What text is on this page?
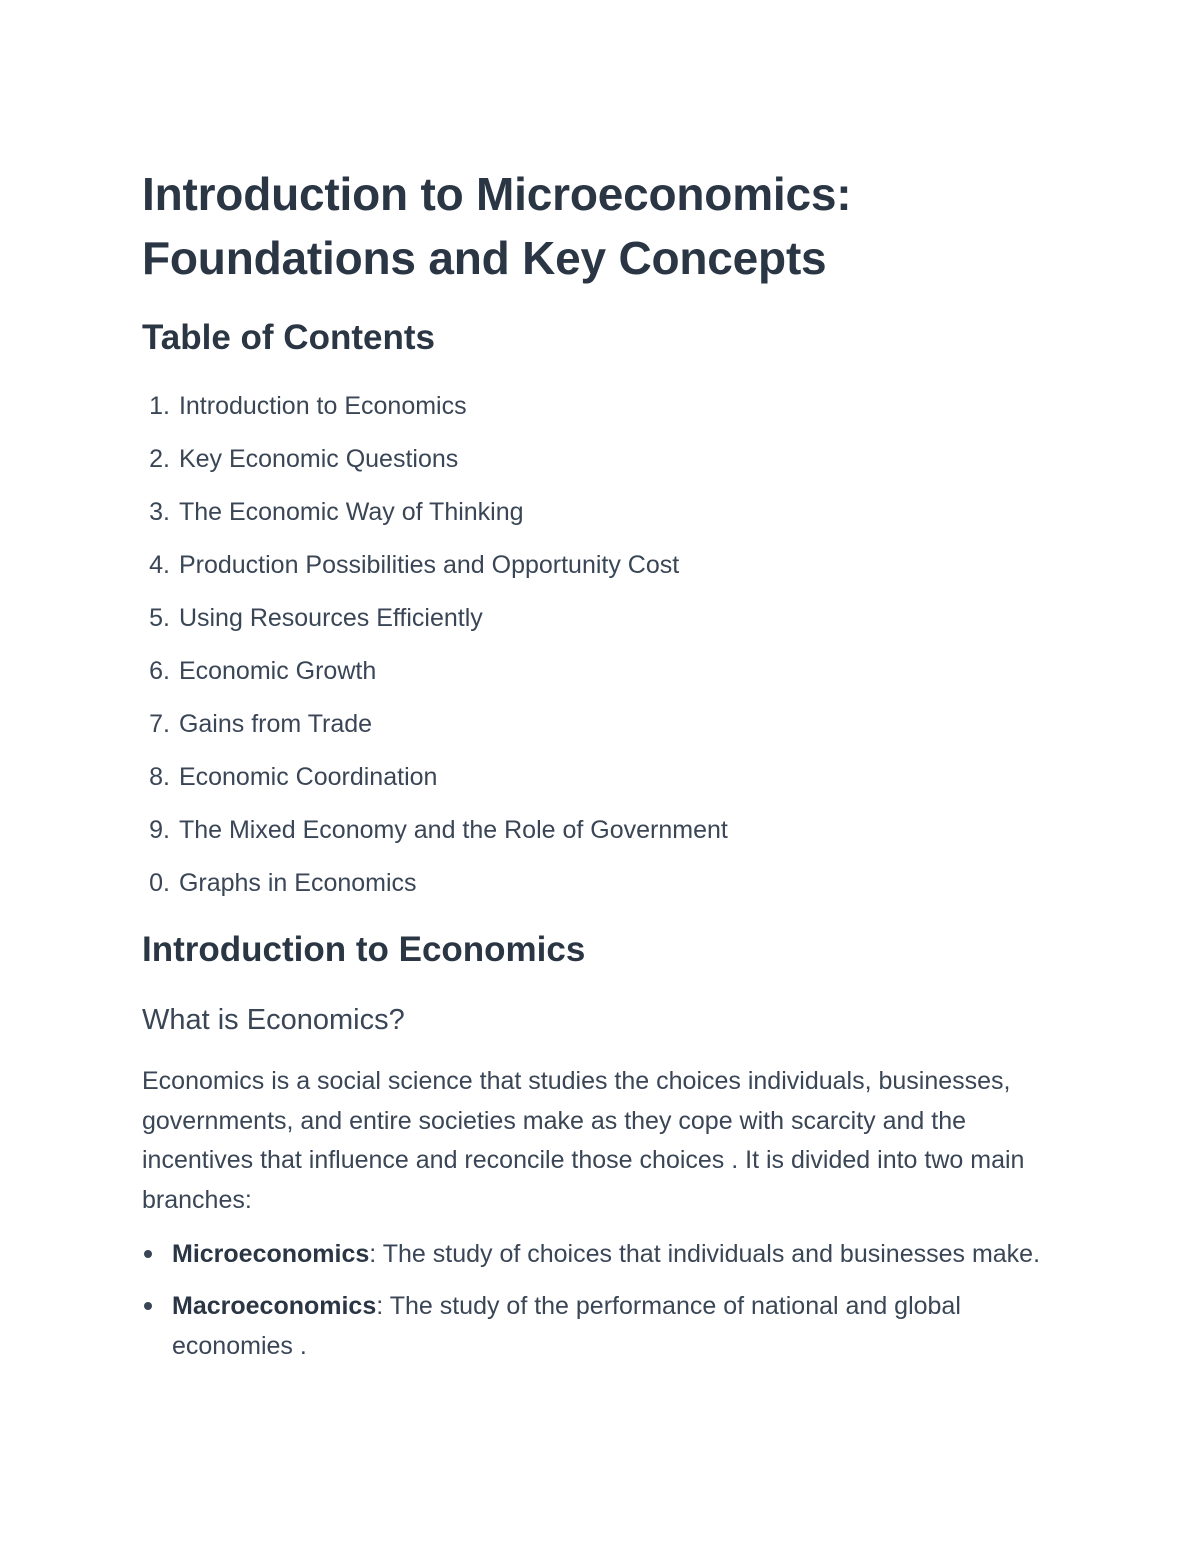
Introduction to Microeconomics:
Foundations and Key Concepts
Table of Contents
1. Introduction to Economics
2. Key Economic Questions
3. The Economic Way of Thinking
4. Production Possibilities and Opportunity Cost
5. Using Resources Efficiently
6. Economic Growth
7. Gains from Trade
8. Economic Coordination
9. The Mixed Economy and the Role of Government
0. Graphs in Economics
Introduction to Economics
What is Economics?

Economics is a social science that studies the choices individuals, businesses, governments, and entire societies make as they cope with scarcity and the incentives that influence and reconcile those choices . It is divided into two main branches:

Microeconomics: The study of choices that individuals and businesses make.
Macroeconomics: The study of the performance of national and global economies .
